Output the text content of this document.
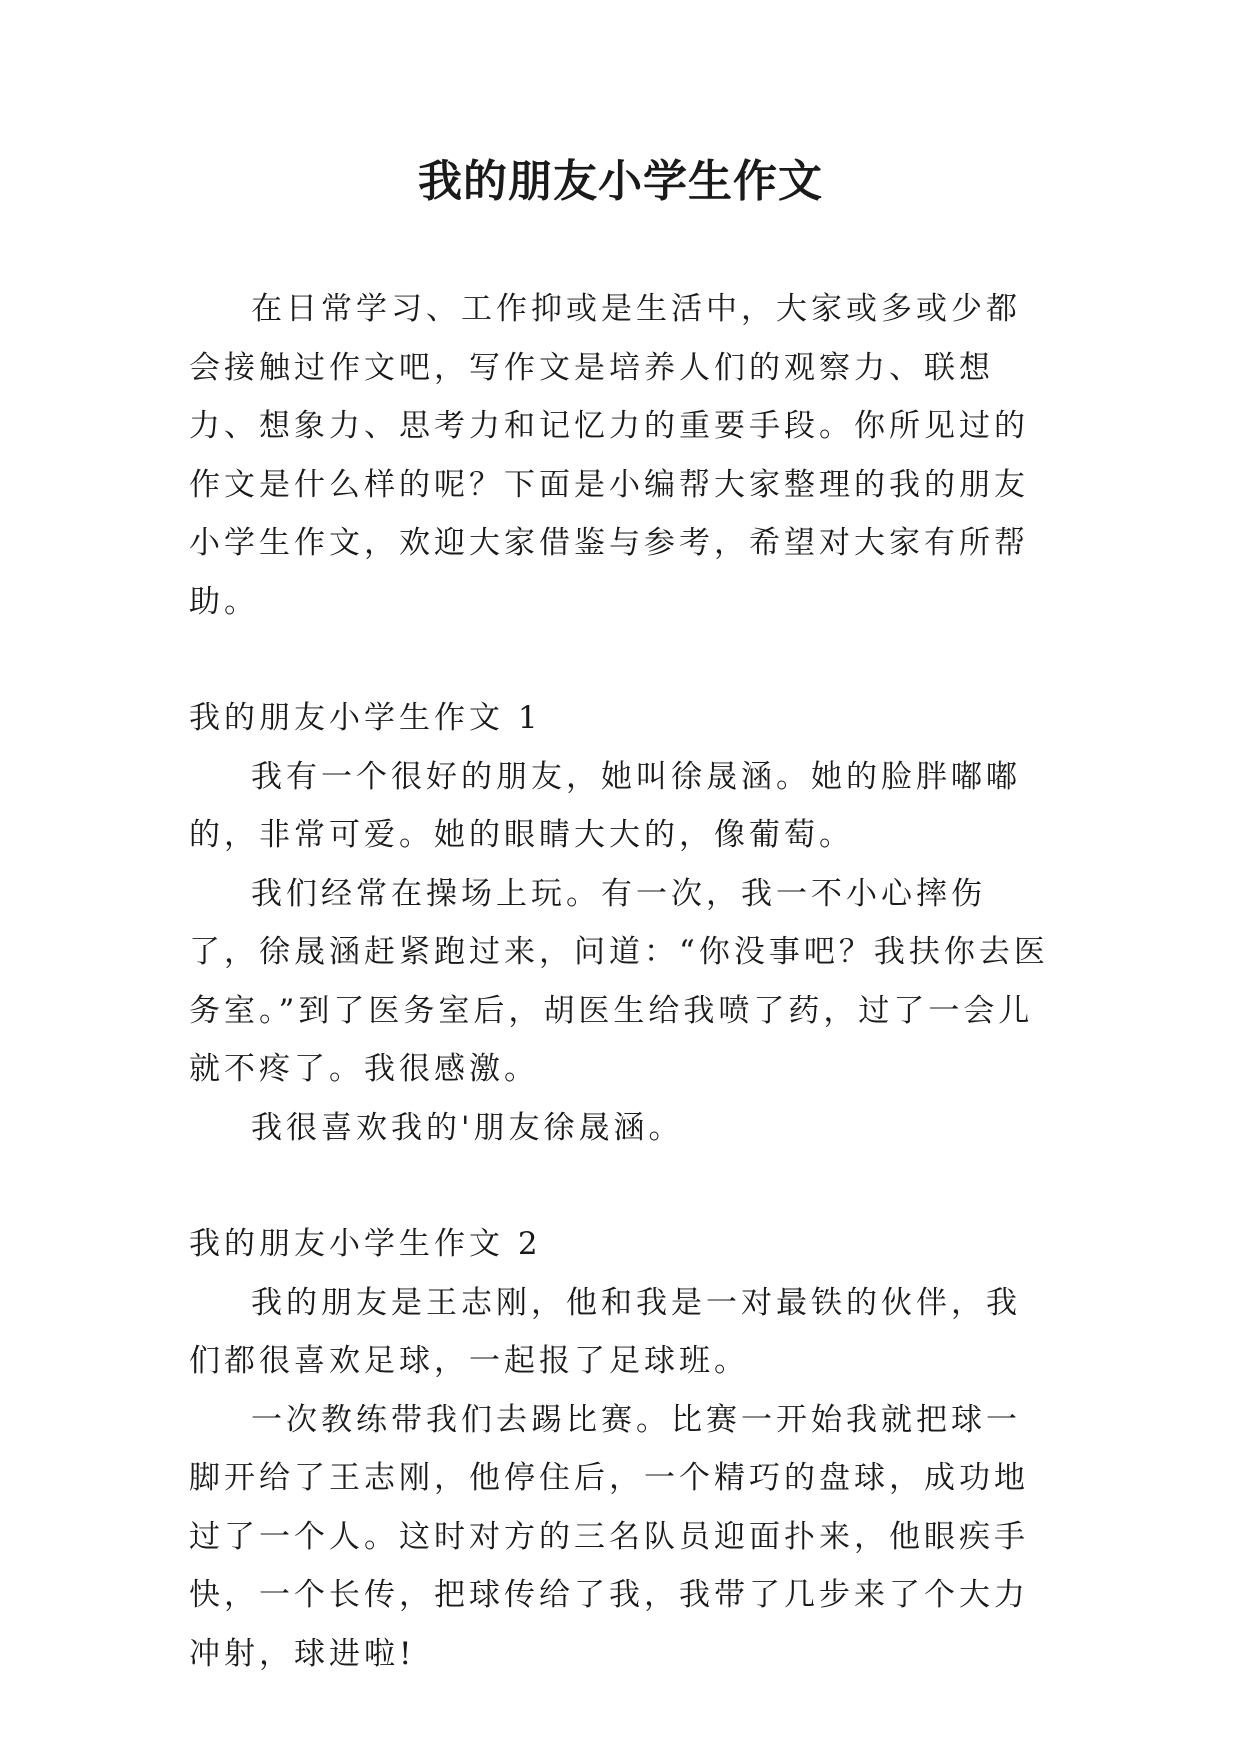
我的朋友小学生作文

在日常学习、工作抑或是生活中，大家或多或少都会接触过作文吧，写作文是培养人们的观察力、联想力、想象力、思考力和记忆力的重要手段。你所见过的作文是什么样的呢？下面是小编帮大家整理的我的朋友小学生作文，欢迎大家借鉴与参考，希望对大家有所帮助。

我的朋友小学生作文 1

我有一个很好的朋友，她叫徐晟涵。她的脸胖嘟嘟的，非常可爱。她的眼睛大大的，像葡萄。

我们经常在操场上玩。有一次，我一不小心摔伤了，徐晟涵赶紧跑过来，问道：“你没事吧？我扶你去医务室。”到了医务室后，胡医生给我喷了药，过了一会儿就不疼了。我很感激。

我很喜欢我的'朋友徐晟涵。

我的朋友小学生作文 2

我的朋友是王志刚，他和我是一对最铁的伙伴，我们都很喜欢足球，一起报了足球班。

一次教练带我们去踢比赛。比赛一开始我就把球一脚开给了王志刚，他停住后，一个精巧的盘球，成功地过了一个人。这时对方的三名队员迎面扑来，他眼疾手快，一个长传，把球传给了我，我带了几步来了个大力冲射，球进啦!
